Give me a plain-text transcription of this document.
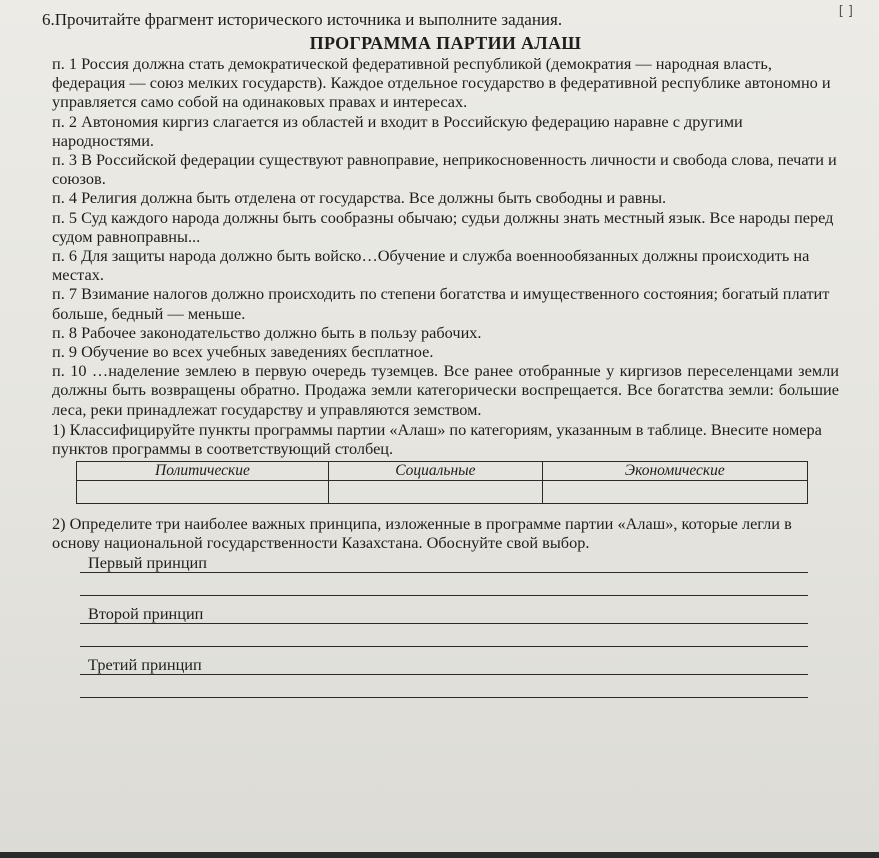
[ ]
6.Прочитайте фрагмент исторического источника и выполните задания.
ПРОГРАММА ПАРТИИ АЛАШ

п. 1 Россия должна стать демократической федеративной республикой (демократия — народная власть, федерация — союз мелких государств). Каждое отдельное государство в федеративной республике автономно и управляется само собой на одинаковых правах и интересах.

п. 2 Автономия киргиз слагается из областей и входит в Российскую федерацию наравне с другими народностями.

п. 3 В Российской федерации существуют равноправие, неприкосновенность личности и свобода слова, печати и союзов.

п. 4 Религия должна быть отделена от государства. Все должны быть свободны и равны.

п. 5 Суд каждого народа должны быть сообразны обычаю; судьи должны знать местный язык. Все народы перед судом равноправны...

п. 6 Для защиты народа должно быть войско…Обучение и служба военнообязанных должны происходить на местах.

п. 7 Взимание налогов должно происходить по степени богатства и имущественного состояния; богатый платит больше, бедный — меньше.

п. 8 Рабочее законодательство должно быть в пользу рабочих.

п. 9 Обучение во всех учебных заведениях бесплатное.

п. 10 …наделение землею в первую очередь туземцев. Все ранее отобранные у киргизов переселенцами земли должны быть возвращены обратно. Продажа земли категорически воспрещается. Все богатства земли: большие леса, реки принадлежат государству и управляются земством.

1) Классифицируйте пункты программы партии «Алаш» по категориям, указанным в таблице. Внесите номера пунктов программы в соответствующий столбец.
Политические	Социальные	Экономические

2) Определите три наиболее важных принципа, изложенные в программе партии «Алаш», которые легли в основу национальной государственности Казахстана. Обоснуйте свой выбор.
Первый принцип
Второй принцип
Третий принцип
